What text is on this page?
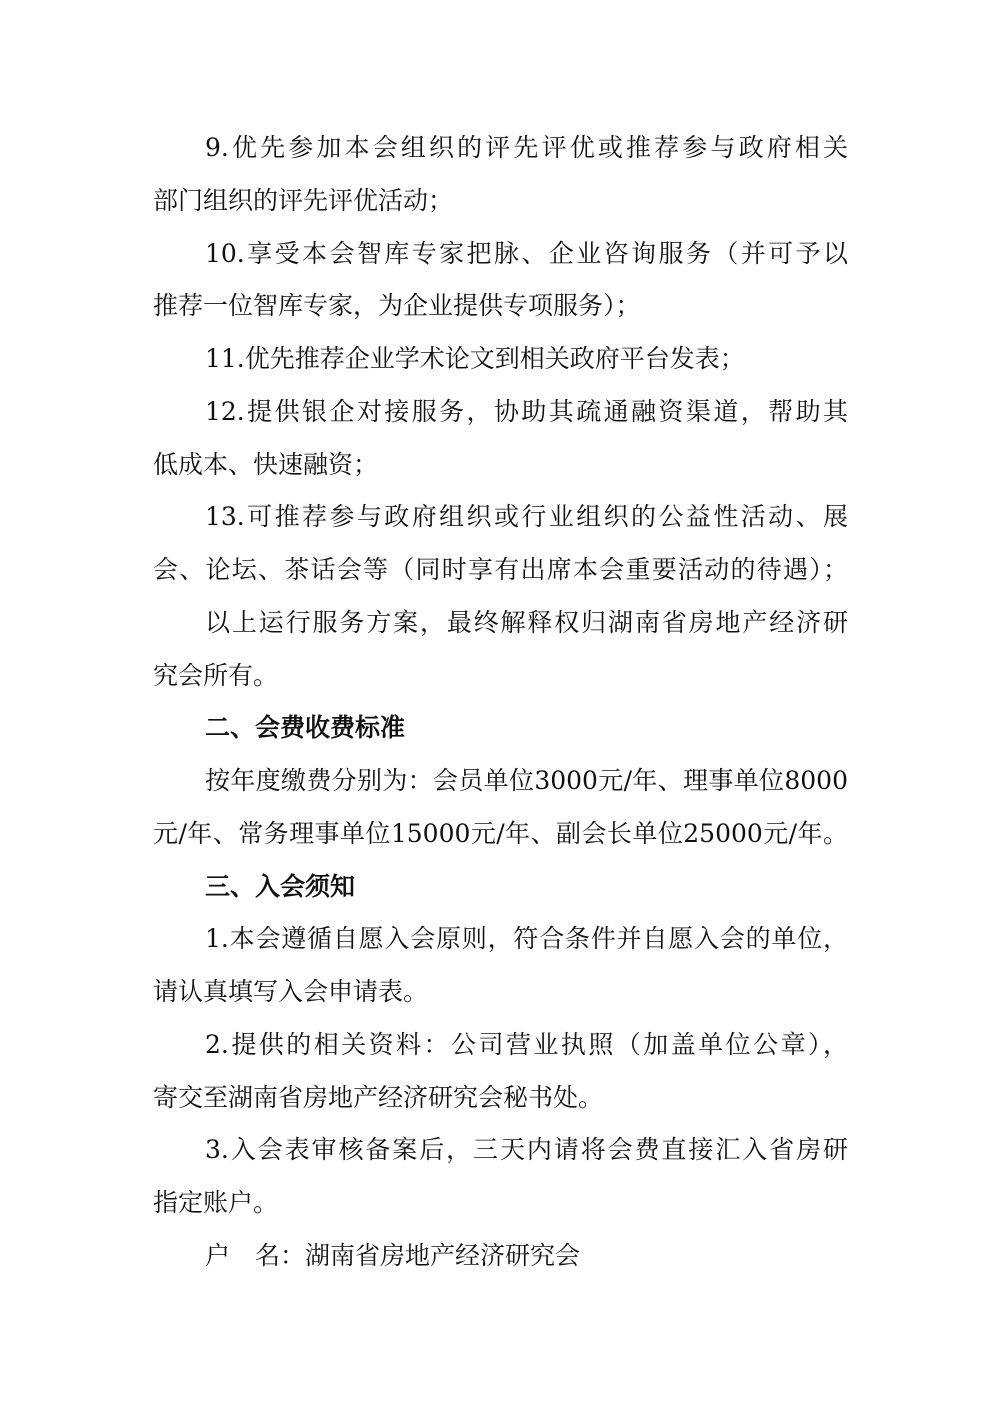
9.优先参加本会组织的评先评优或推荐参与政府相关
部门组织的评先评优活动；
10.享受本会智库专家把脉、企业咨询服务（并可予以
推荐一位智库专家，为企业提供专项服务）；
11.优先推荐企业学术论文到相关政府平台发表；
12.提供银企对接服务，协助其疏通融资渠道，帮助其
低成本、快速融资；
13.可推荐参与政府组织或行业组织的公益性活动、展
会、论坛、茶话会等（同时享有出席本会重要活动的待遇）；
以上运行服务方案，最终解释权归湖南省房地产经济研
究会所有。
二、会费收费标准
按年度缴费分别为：会员单位3000元/年、理事单位8000
元/年、常务理事单位15000元/年、副会长单位25000元/年。
三、入会须知
1.本会遵循自愿入会原则，符合条件并自愿入会的单位，
请认真填写入会申请表。
2.提供的相关资料：公司营业执照（加盖单位公章），
寄交至湖南省房地产经济研究会秘书处。
3.入会表审核备案后，三天内请将会费直接汇入省房研
指定账户。
户　名：湖南省房地产经济研究会
